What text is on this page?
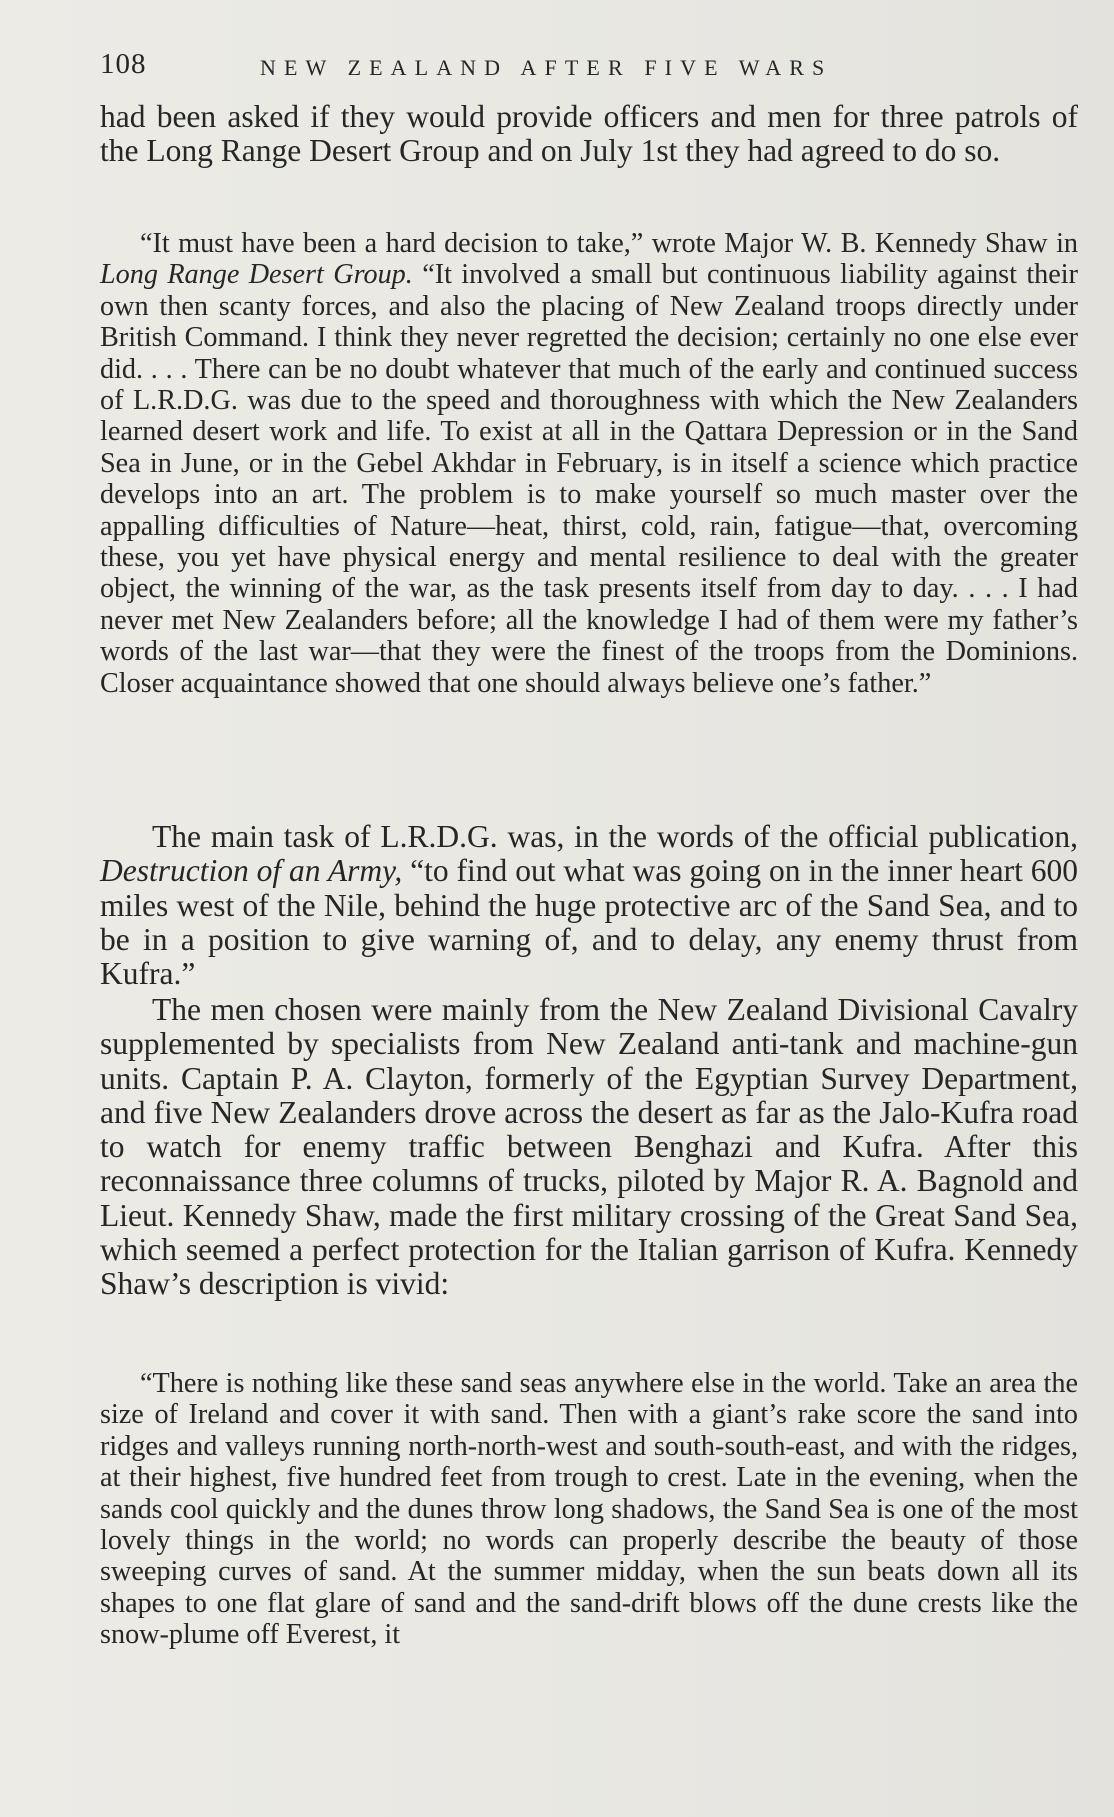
108	NEW ZEALAND AFTER FIVE WARS

had been asked if they would provide officers and men for three patrols of the Long Range Desert Group and on July 1st they had agreed to do so.

“It must have been a hard decision to take,” wrote Major W. B. Kennedy Shaw in Long Range Desert Group. “It involved a small but continuous liability against their own then scanty forces, and also the placing of New Zealand troops directly under British Command. I think they never regretted the decision; certainly no one else ever did. . . . There can be no doubt whatever that much of the early and continued success of L.R.D.G. was due to the speed and thoroughness with which the New Zealanders learned desert work and life. To exist at all in the Qattara Depression or in the Sand Sea in June, or in the Gebel Akhdar in February, is in itself a science which practice develops into an art. The problem is to make yourself so much master over the appalling difficulties of Nature—heat, thirst, cold, rain, fatigue—that, overcoming these, you yet have physical energy and mental resilience to deal with the greater object, the winning of the war, as the task presents itself from day to day. . . . I had never met New Zealanders before; all the knowledge I had of them were my father’s words of the last war—that they were the finest of the troops from the Dominions. Closer acquaintance showed that one should always believe one’s father.”

The main task of L.R.D.G. was, in the words of the official publication, Destruction of an Army, “to find out what was going on in the inner heart 600 miles west of the Nile, behind the huge protective arc of the Sand Sea, and to be in a position to give warning of, and to delay, any enemy thrust from Kufra.”

The men chosen were mainly from the New Zealand Divisional Cavalry supplemented by specialists from New Zealand anti-tank and machine-gun units. Captain P. A. Clayton, formerly of the Egyptian Survey Department, and five New Zealanders drove across the desert as far as the Jalo-Kufra road to watch for enemy traffic between Benghazi and Kufra. After this reconnaissance three columns of trucks, piloted by Major R. A. Bagnold and Lieut. Kennedy Shaw, made the first military crossing of the Great Sand Sea, which seemed a perfect protection for the Italian garrison of Kufra. Kennedy Shaw’s description is vivid:

“There is nothing like these sand seas anywhere else in the world. Take an area the size of Ireland and cover it with sand. Then with a giant’s rake score the sand into ridges and valleys running north-north-west and south-south-east, and with the ridges, at their highest, five hundred feet from trough to crest. Late in the evening, when the sands cool quickly and the dunes throw long shadows, the Sand Sea is one of the most lovely things in the world; no words can properly describe the beauty of those sweeping curves of sand. At the summer midday, when the sun beats down all its shapes to one flat glare of sand and the sand-drift blows off the dune crests like the snow-plume off Everest, it
